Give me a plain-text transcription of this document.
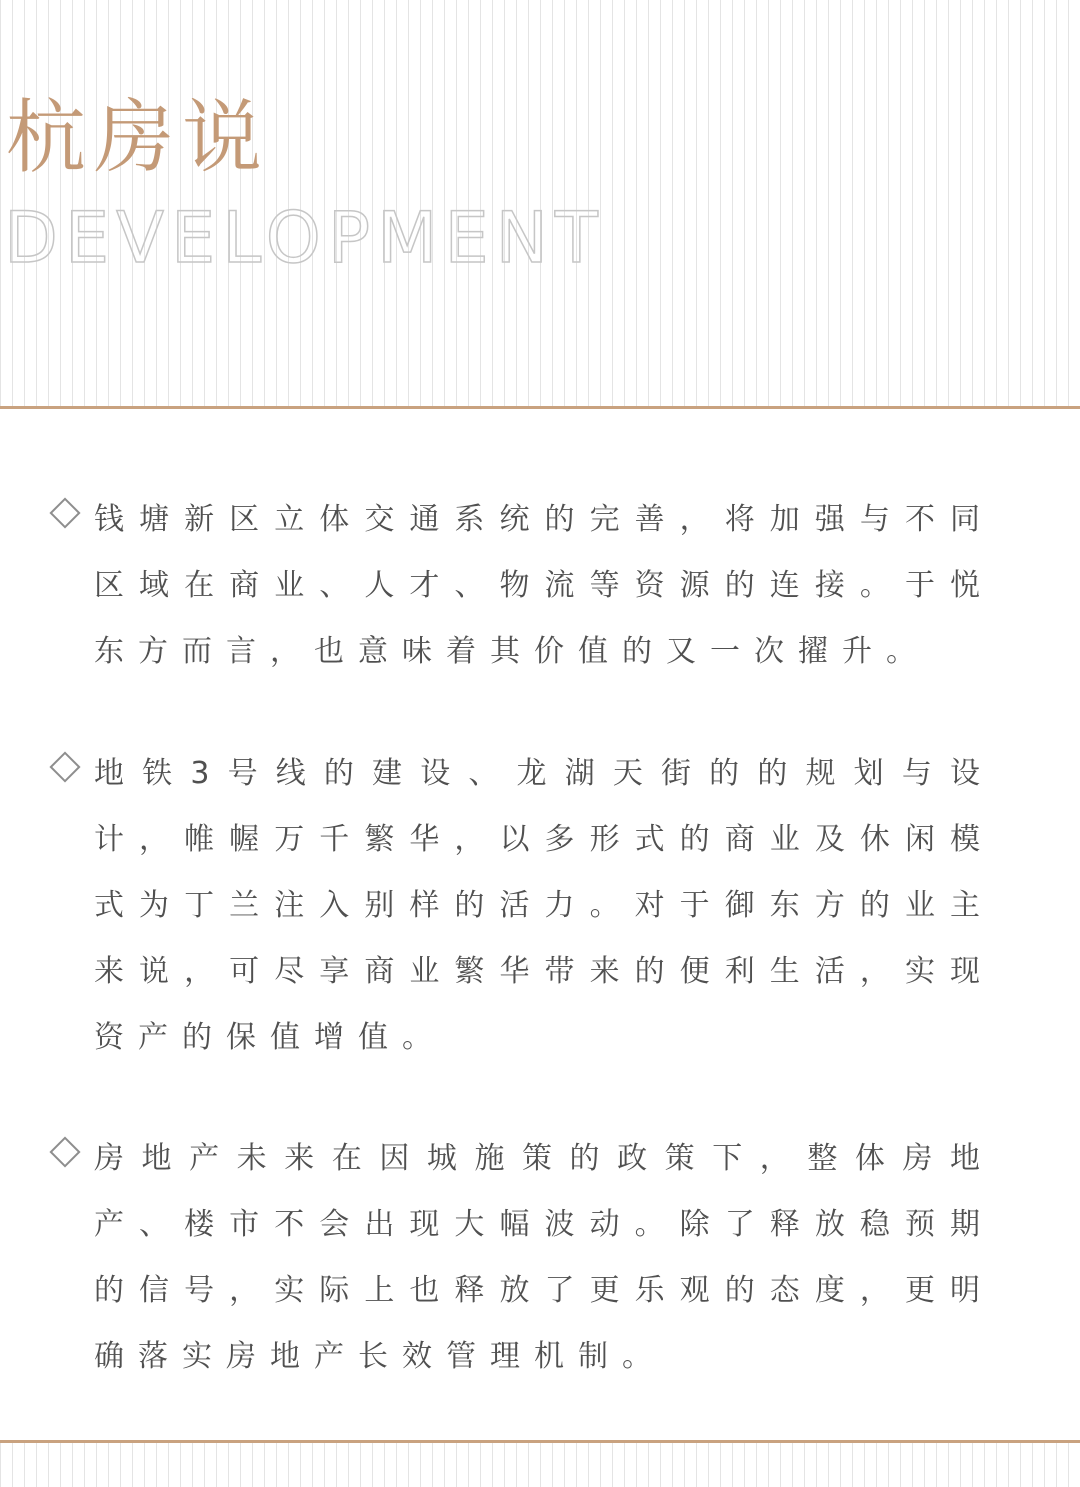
杭房说
DEVELOPMENT

钱塘新区立体交通系统的完善，将加强与不同区域在商业、人才、物流等资源的连接。于悦东方而言，也意味着其价值的又一次擢升。

地铁3号线的建设、龙湖天街的的规划与设计，帷幄万千繁华，以多形式的商业及休闲模式为丁兰注入别样的活力。对于御东方的业主来说，可尽享商业繁华带来的便利生活，实现资产的保值增值。

房地产未来在因城施策的政策下，整体房地产、楼市不会出现大幅波动。除了释放稳预期的信号，实际上也释放了更乐观的态度，更明确落实房地产长效管理机制。
